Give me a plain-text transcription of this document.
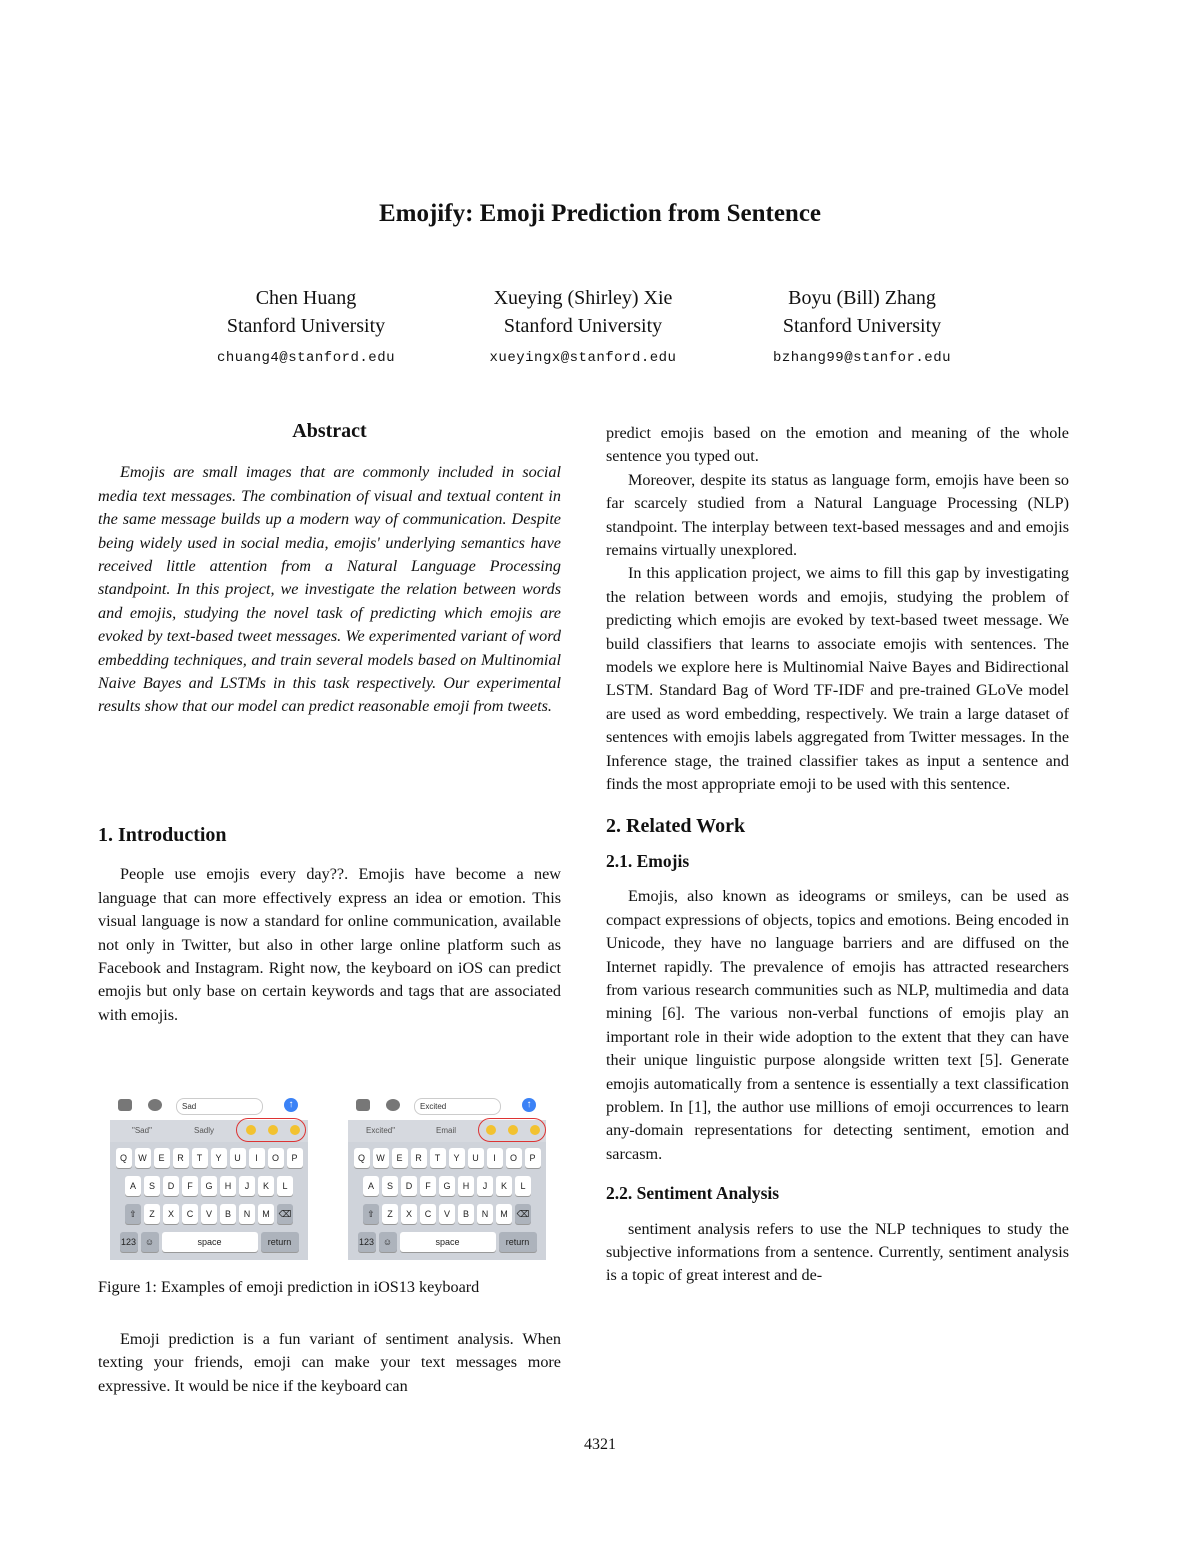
Emojify: Emoji Prediction from Sentence
Chen Huang
Stanford University
chuang4@stanford.edu
Xueying (Shirley) Xie
Stanford University
xueyingx@stanford.edu
Boyu (Bill) Zhang
Stanford University
bzhang99@stanfor.edu
Abstract

Emojis are small images that are commonly included in social media text messages. The combination of visual and textual content in the same message builds up a modern way of communication. Despite being widely used in social media, emojis' underlying semantics have received little attention from a Natural Language Processing standpoint. In this project, we investigate the relation between words and emojis, studying the novel task of predicting which emojis are evoked by text-based tweet messages. We experimented variant of word embedding techniques, and train several models based on Multinomial Naive Bayes and LSTMs in this task respectively. Our experimental results show that our model can predict reasonable emoji from tweets.

1. Introduction

People use emojis every day??. Emojis have become a new language that can more effectively express an idea or emotion. This visual language is now a standard for online communication, available not only in Twitter, but also in other large online platform such as Facebook and Instagram. Right now, the keyboard on iOS can predict emojis but only base on certain keywords and tags that are associated with emojis.

Sad	↑
"Sad"	Sadly
Q	W	E	R	T	Y	U	I	O	P
A	S	D	F	G	H	J	K	L
⇧	Z	X	C	V	B	N	M ⌫
123 ☺	space	return
Excited	↑
Excited"	Email
Q	W	E	R	T	Y	U	I	O	P
A	S	D	F	G	H	J	K	L
⇧	Z	X	C	V	B	N	M ⌫
123 ☺	space	return

Figure 1: Examples of emoji prediction in iOS13 keyboard

Emoji prediction is a fun variant of sentiment analysis. When texting your friends, emoji can make your text messages more expressive. It would be nice if the keyboard can

predict emojis based on the emotion and meaning of the whole sentence you typed out.

Moreover, despite its status as language form, emojis have been so far scarcely studied from a Natural Language Processing (NLP) standpoint. The interplay between text-based messages and and emojis remains virtually unexplored.

In this application project, we aims to fill this gap by investigating the relation between words and emojis, studying the problem of predicting which emojis are evoked by text-based tweet message. We build classifiers that learns to associate emojis with sentences. The models we explore here is Multinomial Naive Bayes and Bidirectional LSTM. Standard Bag of Word TF-IDF and pre-trained GLoVe model are used as word embedding, respectively. We train a large dataset of sentences with emojis labels aggregated from Twitter messages. In the Inference stage, the trained classifier takes as input a sentence and finds the most appropriate emoji to be used with this sentence.

2. Related Work
2.1. Emojis

Emojis, also known as ideograms or smileys, can be used as compact expressions of objects, topics and emotions. Being encoded in Unicode, they have no language barriers and are diffused on the Internet rapidly. The prevalence of emojis has attracted researchers from various research communities such as NLP, multimedia and data mining [6]. The various non-verbal functions of emojis play an important role in their wide adoption to the extent that they can have their unique linguistic purpose alongside written text [5]. Generate emojis automatically from a sentence is essentially a text classification problem. In [1], the author use millions of emoji occurrences to learn any-domain representations for detecting sentiment, emotion and sarcasm.

2.2. Sentiment Analysis

sentiment analysis refers to use the NLP techniques to study the subjective informations from a sentence. Currently, sentiment analysis is a topic of great interest and de-

4321
